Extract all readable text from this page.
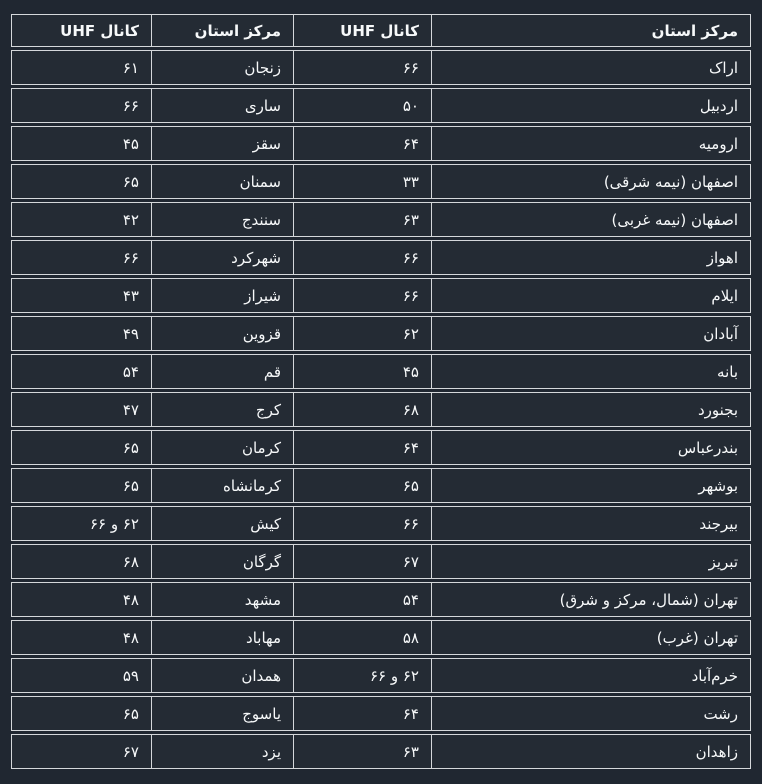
مرکز استان	کانال UHF	مرکز استان	کانال UHF
اراک	۶۶	زنجان	۶۱
اردبیل	۵۰	ساری	۶۶
ارومیه	۶۴	سقز	۴۵
اصفهان (نیمه شرقی)	۳۳	سمنان	۶۵
اصفهان (نیمه غربی)	۶۳	سنندج	۴۲
اهواز	۶۶	شهرکرد	۶۶
ایلام	۶۶	شیراز	۴۳
آبادان	۶۲	قزوین	۴۹
بانه	۴۵	قم	۵۴
بجنورد	۶۸	کرج	۴۷
بندرعباس	۶۴	کرمان	۶۵
بوشهر	۶۵	کرمانشاه	۶۵
بیرجند	۶۶	کیش	۶۲ و ۶۶
تبریز	۶۷	گرگان	۶۸
تهران (شمال، مرکز و شرق)	۵۴	مشهد	۴۸
تهران (غرب)	۵۸	مهاباد	۴۸
خرم‌آباد	۶۲ و ۶۶	همدان	۵۹
رشت	۶۴	یاسوج	۶۵
زاهدان	۶۳	یزد	۶۷
